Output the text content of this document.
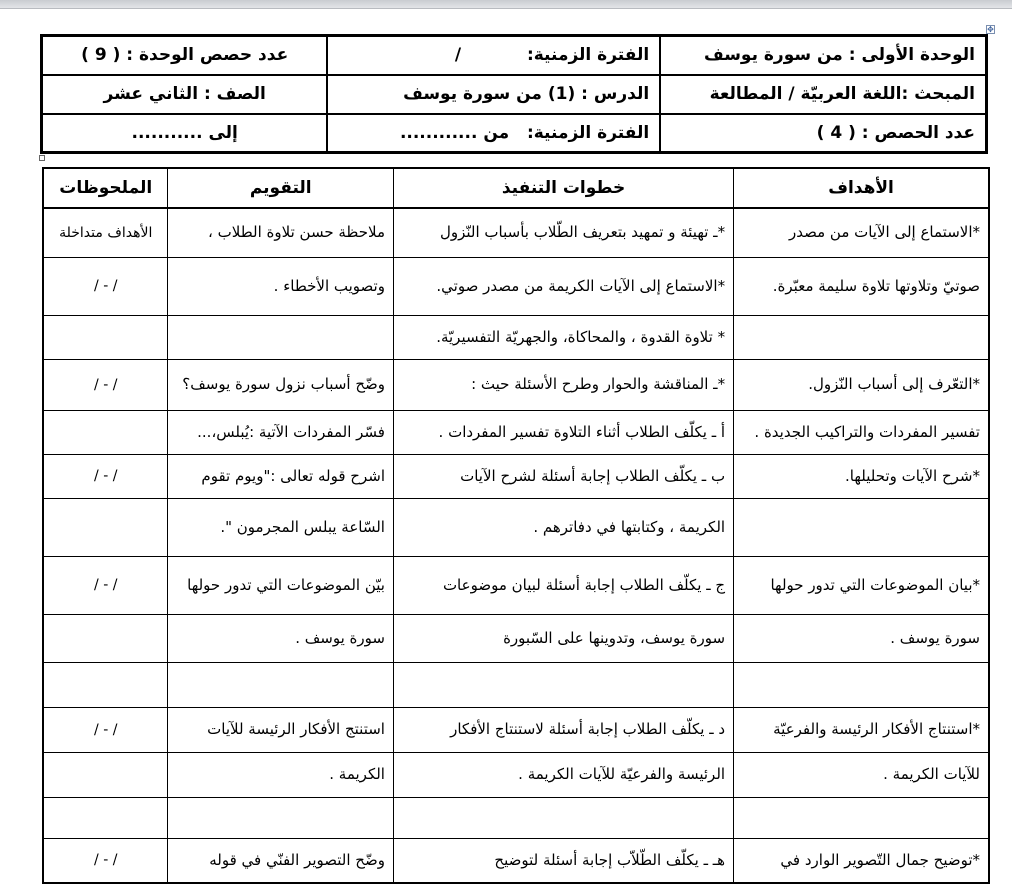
✥
الوحدة الأولى : من سورة يوسف	الفترة الزمنية: /	عدد حصص الوحدة : ( 9 )
المبحث :اللغة العربيّة / المطالعة	الدرس : (1) من سورة يوسف	الصف : الثاني عشر
عدد الحصص : ( 4 )	الفترة الزمنية:   من ............	إلى ...........
الأهداف	خطوات التنفيذ	التقويم	الملحوظات
*الاستماع إلى الآيات من مصدر	*ـ تهيئة و تمهيد بتعريف الطّلاب بأسباب النّزول	ملاحظة حسن تلاوة الطلاب ،	الأهداف متداخلة
صوتيّ وتلاوتها تلاوة سليمة معبّرة.	*الاستماع إلى الآيات الكريمة من مصدر صوتي.	وتصويب الأخطاء .	/ - /
	* تلاوة القدوة ، والمحاكاة، والجهريّة التفسيريّة.		
*التعّرف إلى أسباب النّزول.	*ـ المناقشة والحوار وطرح الأسئلة حيث :	وضّح أسباب نزول سورة يوسف؟	/ - /
تفسير المفردات والتراكيب الجديدة .	أ ـ يكلّف الطلاب أثناء التلاوة تفسير المفردات .	فسّر المفردات الآتية :يُبلس،...	
*شرح الآيات وتحليلها.	ب ـ يكلّف الطلاب إجابة أسئلة لشرح الآيات	اشرح قوله تعالى :"ويوم تقوم	/ - /
	الكريمة ، وكتابتها في دفاترهم .	السّاعة يبلس المجرمون ".	
*بيان الموضوعات التي تدور حولها	ج ـ يكلّف الطلاب إجابة أسئلة لبيان موضوعات	بيّن الموضوعات التي تدور حولها	/ - /
سورة يوسف .	سورة يوسف، وتدوينها على السّبورة	سورة يوسف .	

*استنتاج الأفكار الرئيسة والفرعيّة	د ـ يكلّف الطلاب إجابة أسئلة لاستنتاج الأفكار	استنتج الأفكار الرئيسة للآيات	/ - /
للآيات الكريمة .	الرئيسة والفرعيّة للآيات الكريمة .	الكريمة .	

*توضيح جمال التّصوير الوارد في	هـ ـ يكلّف الطّلاّب إجابة أسئلة لتوضيح	وضّح التصوير الفنّي في قوله	/ - /
